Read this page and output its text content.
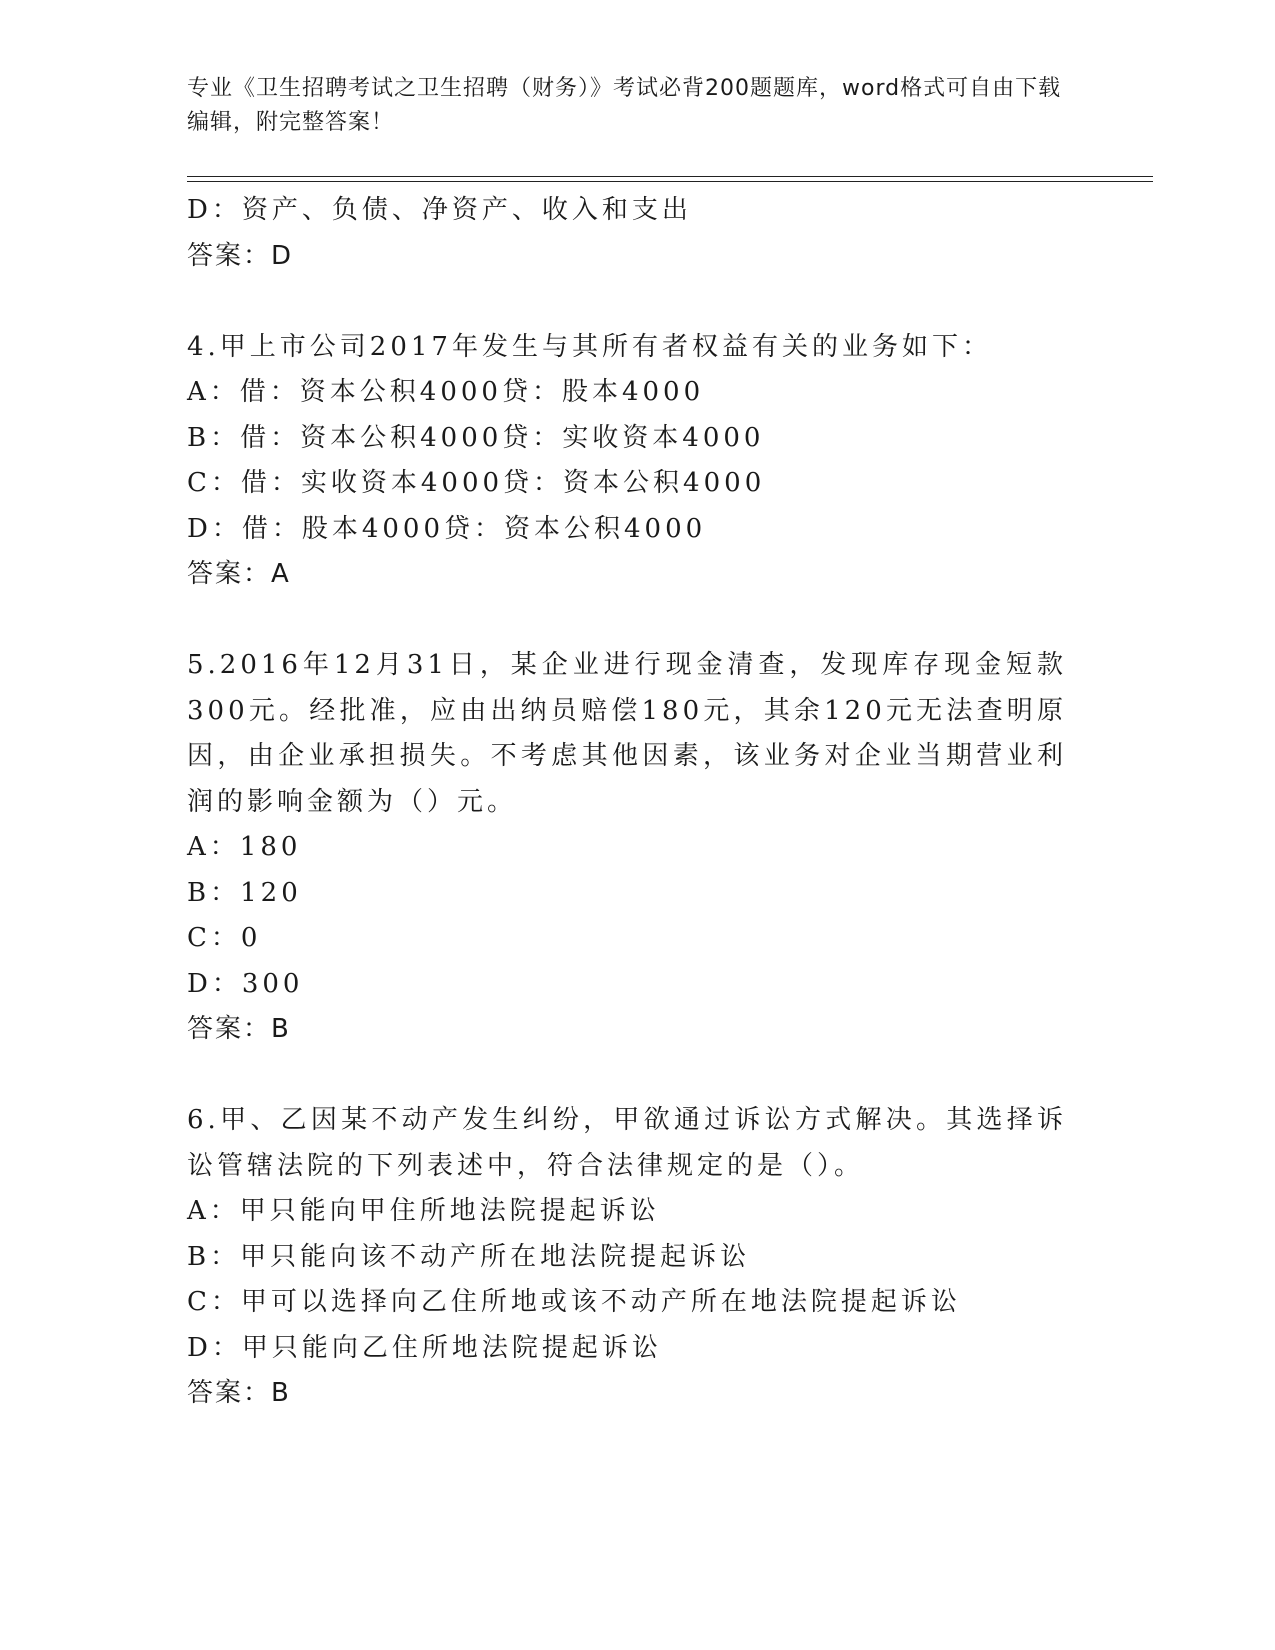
专业《卫生招聘考试之卫生招聘（财务）》考试必背200题题库，word格式可自由下载编辑，附完整答案！
D：资产、负债、净资产、收入和支出
答案：D
4.甲上市公司2017年发生与其所有者权益有关的业务如下：
A：借：资本公积4000贷：股本4000
B：借：资本公积4000贷：实收资本4000
C：借：实收资本4000贷：资本公积4000
D：借：股本4000贷：资本公积4000
答案：A
5.2016年12月31日，某企业进行现金清查，发现库存现金短款300元。经批准，应由出纳员赔偿180元，其余120元无法查明原因，由企业承担损失。不考虑其他因素，该业务对企业当期营业利润的影响金额为（）元。
A：180
B：120
C：0
D：300
答案：B
6.甲、乙因某不动产发生纠纷，甲欲通过诉讼方式解决。其选择诉讼管辖法院的下列表述中，符合法律规定的是（）。
A：甲只能向甲住所地法院提起诉讼
B：甲只能向该不动产所在地法院提起诉讼
C：甲可以选择向乙住所地或该不动产所在地法院提起诉讼
D：甲只能向乙住所地法院提起诉讼
答案：B
